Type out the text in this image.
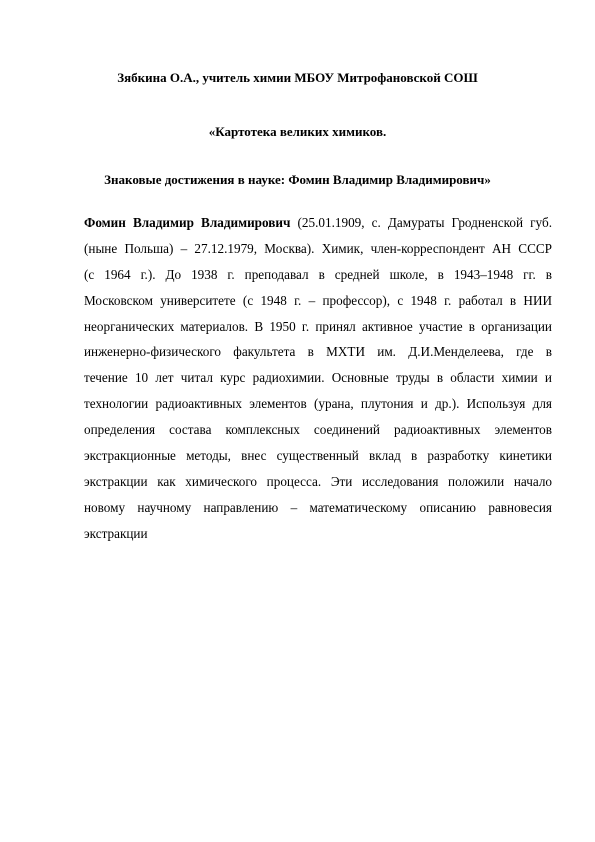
Зябкина О.А., учитель химии МБОУ Митрофановской СОШ
«Картотека великих химиков.
Знаковые достижения в науке: Фомин Владимир Владимирович»
Фомин Владимир Владимирович (25.01.1909, с. Дамураты Гродненской губ.
(ныне Польша) – 27.12.1979, Москва). Химик, член-корреспондент АН СССР
(с 1964 г.). До 1938 г. преподавал в средней школе, в 1943–1948 гг. в
Московском университете (с 1948 г. – профессор), с 1948 г. работал в НИИ
неорганических материалов. В 1950 г. принял активное участие в организации
инженерно-физического факультета в МХТИ им. Д.И.Менделеева, где в
течение 10 лет читал курс радиохимии. Основные труды в области химии и
технологии радиоактивных элементов (урана, плутония и др.). Используя для
определения состава комплексных соединений радиоактивных элементов
экстракционные методы, внес существенный вклад в разработку кинетики
экстракции как химического процесса. Эти исследования положили начало
новому научному направлению – математическому описанию равновесия
экстракции
